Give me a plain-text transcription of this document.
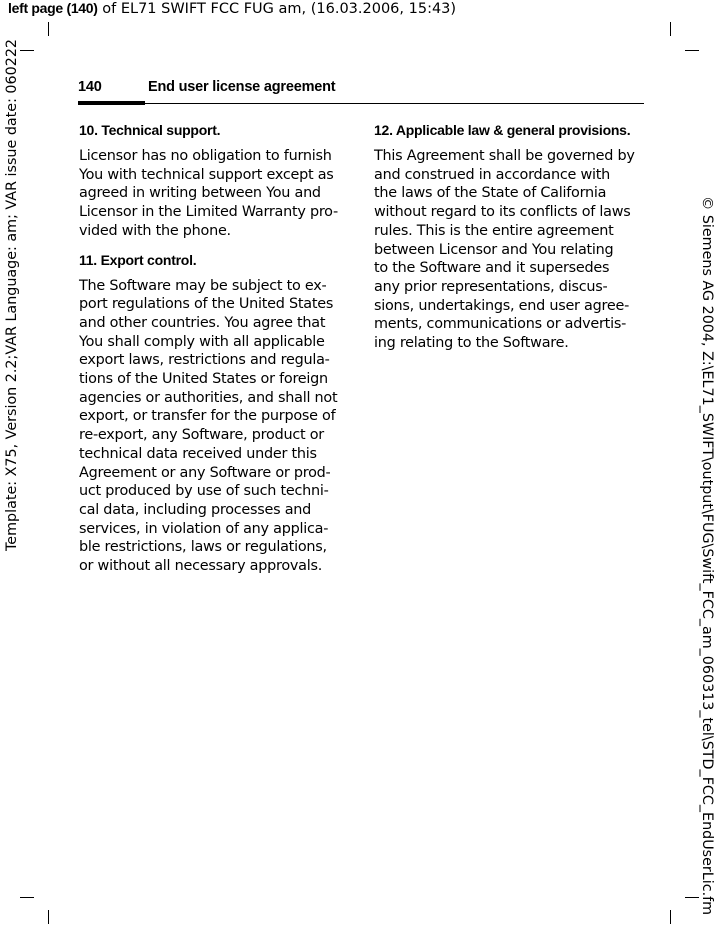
left page (140) of EL71 SWIFT FCC FUG am, (16.03.2006, 15:43)
Template: X75, Version 2.2;VAR Language: am; VAR issue date: 060222	© Siemens AG 2004, Z:\EL71_SWIFT\output\FUG\Swift_FCC_am_060313_tel\STD_FCC_EndUserLic.fm
140	End user license agreement
10. Technical support.
Licensor has no obligation to furnish
You with technical support except as
agreed in writing between You and
Licensor in the Limited Warranty pro-
vided with the phone.
11. Export control.
The Software may be subject to ex-
port regulations of the United States
and other countries. You agree that
You shall comply with all applicable
export laws, restrictions and regula-
tions of the United States or foreign
agencies or authorities, and shall not
export, or transfer for the purpose of
re-export, any Software, product or
technical data received under this
Agreement or any Software or prod-
uct produced by use of such techni-
cal data, including processes and
services, in violation of any applica-
ble restrictions, laws or regulations,
or without all necessary approvals.
12. Applicable law & general provisions.
This Agreement shall be governed by
and construed in accordance with
the laws of the State of California
without regard to its conflicts of laws
rules. This is the entire agreement
between Licensor and You relating
to the Software and it supersedes
any prior representations, discus-
sions, undertakings, end user agree-
ments, communications or advertis-
ing relating to the Software.
